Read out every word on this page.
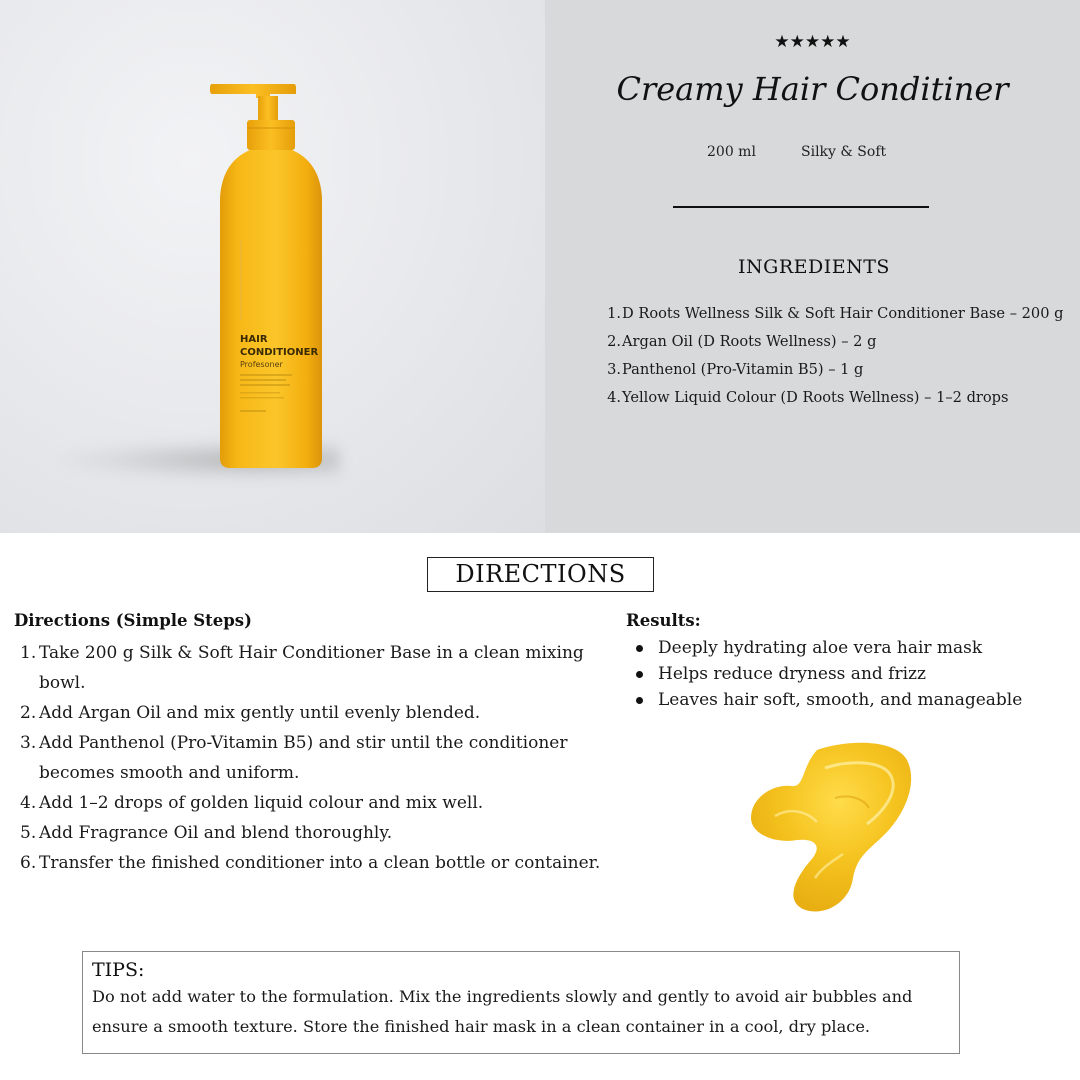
HAIR
CONDITIONER
Profesoner
★★★★★
Creamy Hair Conditiner
200 ml	Silky & Soft
INGREDIENTS
1.D Roots Wellness Silk & Soft Hair Conditioner Base – 200 g
2.Argan Oil (D Roots Wellness) – 2 g
3.Panthenol (Pro-Vitamin B5) – 1 g
4.Yellow Liquid Colour (D Roots Wellness) – 1–2 drops
DIRECTIONS
Directions (Simple Steps)
1. Take 200 g Silk & Soft Hair Conditioner Base in a clean mixing bowl.
2. Add Argan Oil and mix gently until evenly blended.
3. Add Panthenol (Pro-Vitamin B5) and stir until the conditioner becomes smooth and uniform.
4. Add 1–2 drops of golden liquid colour and mix well.
5. Add Fragrance Oil and blend thoroughly.
6. Transfer the finished conditioner into a clean bottle or container.
Results:
Deeply hydrating aloe vera hair mask
Helps reduce dryness and frizz
Leaves hair soft, smooth, and manageable
TIPS:
Do not add water to the formulation. Mix the ingredients slowly and gently to avoid air bubbles and ensure a smooth texture. Store the finished hair mask in a clean container in a cool, dry place.
